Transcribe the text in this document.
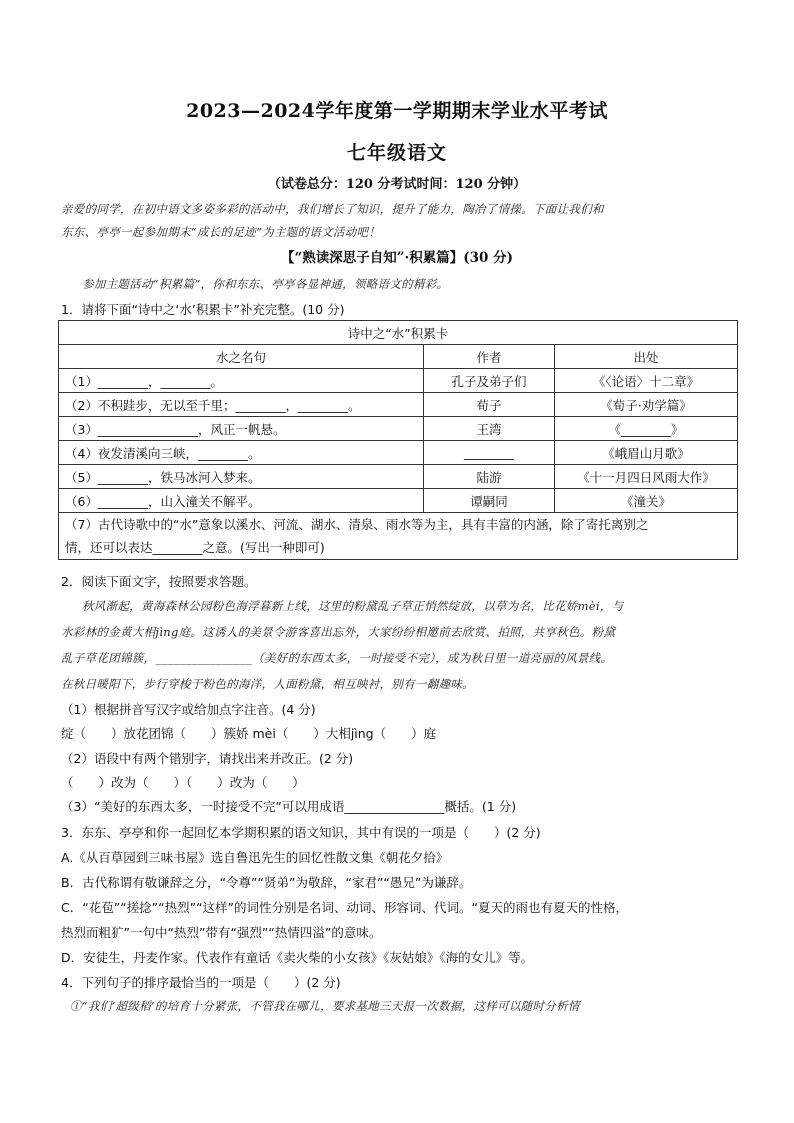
2023—2024学年度第一学期期末学业水平考试
七年级语文
（试卷总分：120 分考试时间：120 分钟）
亲爱的同学，在初中语文多姿多彩的活动中，我们增长了知识，提升了能力，陶冶了情操。下面让我们和
东东、亭亭一起参加期末“成长的足迹”为主题的语文活动吧！
【“熟读深思子自知”·积累篇】(30 分)
参加主题活动“积累篇”，你和东东、亭亭各显神通，领略语文的精彩。
1．请将下面“诗中之‘水’积累卡”补充完整。(10 分)
诗中之“水”积累卡		
水之名句	作者	出处
（1）________，________。	孔子及弟子们	《〈论语〉十二章》
（2）不积跬步，无以至千里；________，________。	荀子	《荀子·劝学篇》
（3）________________，风正一帆悬。	王湾	《________》
（4）夜发清溪向三峡，________。	________	《峨眉山月歌》
（5）________，铁马冰河入梦来。	陆游	《十一月四日风雨大作》
（6）________，山入潼关不解平。	谭嗣同	《潼关》

（7）古代诗歌中的“水”意象以溪水、河流、湖水、清泉、雨水等为主，具有丰富的内涵，除了寄托离别之
情，还可以表达________之意。(写出一种即可)		
2．阅读下面文字，按照要求答题。
秋风渐起，黄海森林公园粉色海浮暮新上线，这里的粉黛乱子草正悄然绽放，以草为名，比花娇mèi，与
水彩林的金黄大相jìng庭。这诱人的美景令游客喜出忘外，大家纷纷相邀前去欣赏、拍照，共享秋色。粉黛
乱子草花团锦簇，________________（美好的东西太多，一时接受不完），成为秋日里一道亮丽的风景线。
在秋日暖阳下，步行穿梭于粉色的海洋，人面粉黛，相互映衬，别有一翻趣味。
（1）根据拼音写汉字或给加点字注音。(4 分)
绽（　　）放花团锦（　　）簇娇 mèi（　　）大相jìng（　　）庭
（2）语段中有两个错别字，请找出来并改正。(2 分)
（　　）改为（　　）（　　）改为（　　）
（3）“美好的东西太多，一时接受不完”可以用成语________________概括。(1 分)
3．东东、亭亭和你一起回忆本学期积累的语文知识，其中有误的一项是（　　）(2 分)
A.《从百草园到三味书屋》选自鲁迅先生的回忆性散文集《朝花夕拾》
B．古代称谓有敬谦辞之分，“令尊”“贤弟”为敬辞，“家君”“愚兄”为谦辞。
C．“花苞”“搓捻”“热烈”“这样”的词性分别是名词、动词、形容词、代词。“夏天的雨也有夏天的性格，
热烈而粗犷”一句中“热烈”带有“强烈”“热情四溢”的意味。
D．安徒生，丹麦作家。代表作有童话《卖火柴的小女孩》《灰姑娘》《海的女儿》等。
4．下列句子的排序最恰当的一项是（　　）(2 分)
①“我们‘超级稻’的培育十分紧张，不管我在哪儿，要求基地三天报一次数据，这样可以随时分析情
